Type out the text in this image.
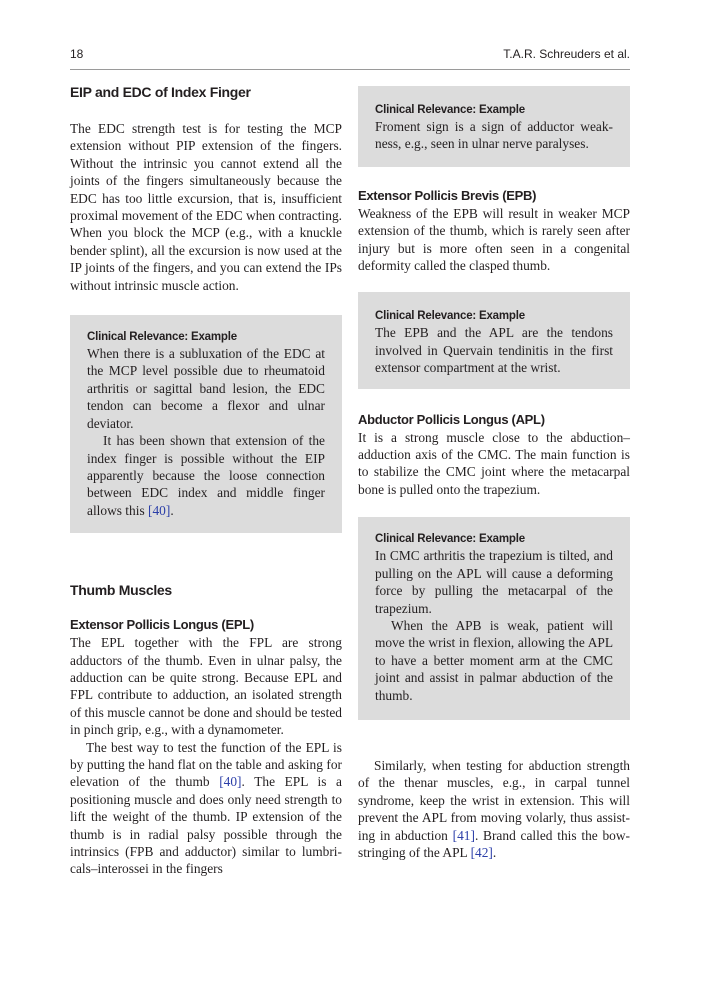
18	T.A.R. Schreuders et al.
EIP and EDC of Index Finger

The EDC strength test is for testing the MCP extension without PIP extension of the fingers. Without the intrinsic you cannot extend all the joints of the fingers simultaneously because the EDC has too little excursion, that is, insufficient proximal movement of the EDC when contracting. When you block the MCP (e.g., with a knuckle bender splint), all the excursion is now used at the IP joints of the fingers, and you can extend the IPs without intrinsic muscle action.

Clinical Relevance: Example

When there is a subluxation of the EDC at the MCP level possible due to rheumatoid arthritis or sagittal band lesion, the EDC tendon can become a flexor and ulnar deviator.

It has been shown that extension of the index finger is possible without the EIP apparently because the loose connection between EDC index and middle finger allows this [40].

Thumb Muscles
Extensor Pollicis Longus (EPL)

The EPL together with the FPL are strong adductors of the thumb. Even in ulnar palsy, the adduction can be quite strong. Because EPL and FPL contribute to adduction, an isolated strength of this muscle cannot be done and should be tested in pinch grip, e.g., with a dynamometer.

The best way to test the function of the EPL is by putting the hand flat on the table and asking for elevation of the thumb [40]. The EPL is a positioning muscle and does only need strength to lift the weight of the thumb. IP extension of the thumb is in radial palsy possible through the intrinsics (FPB and adductor) similar to lumbricals–interossei in the fingers

Clinical Relevance: Example

Froment sign is a sign of adductor weakness, e.g., seen in ulnar nerve paralyses.

Extensor Pollicis Brevis (EPB)

Weakness of the EPB will result in weaker MCP extension of the thumb, which is rarely seen after injury but is more often seen in a congenital deformity called the clasped thumb.

Clinical Relevance: Example

The EPB and the APL are the tendons involved in Quervain tendinitis in the first extensor compartment at the wrist.

Abductor Pollicis Longus (APL)

It is a strong muscle close to the abduction–adduction axis of the CMC. The main function is to stabilize the CMC joint where the metacarpal bone is pulled onto the trapezium.

Clinical Relevance: Example

In CMC arthritis the trapezium is tilted, and pulling on the APL will cause a deforming force by pulling the metacarpal of the trapezium.

When the APB is weak, patient will move the wrist in flexion, allowing the APL to have a better moment arm at the CMC joint and assist in palmar abduction of the thumb.

Similarly, when testing for abduction strength of the thenar muscles, e.g., in carpal tunnel syndrome, keep the wrist in extension. This will prevent the APL from moving volarly, thus assisting in abduction [41]. Brand called this the bowstringing of the APL [42].
